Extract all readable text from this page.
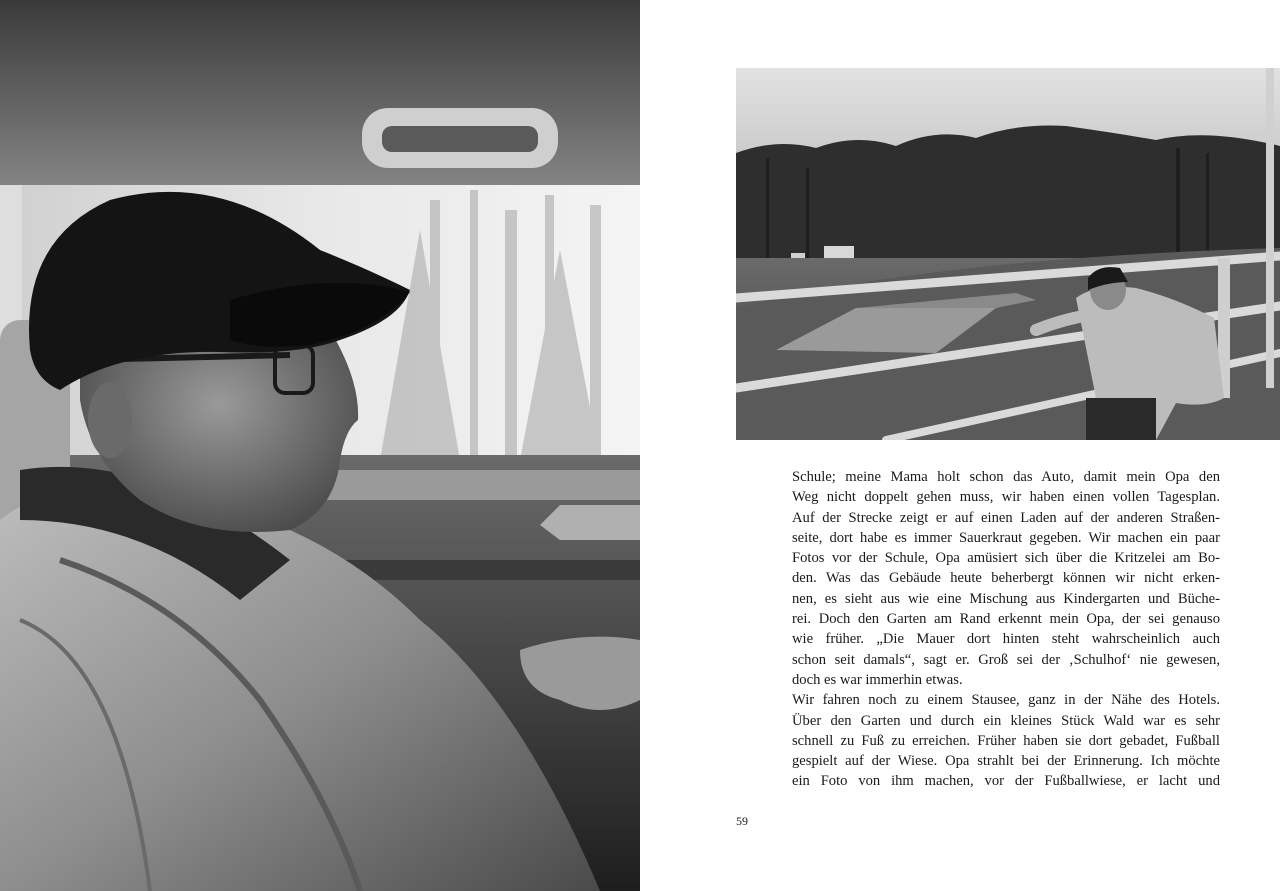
Schule; meine Mama holt schon das Auto, damit mein Opa den
Weg nicht doppelt gehen muss, wir haben einen vollen Tagesplan.
Auf der Strecke zeigt er auf einen Laden auf der anderen Straßen-
seite, dort habe es immer Sauerkraut gegeben. Wir machen ein paar
Fotos vor der Schule, Opa amüsiert sich über die Kritzelei am Bo-
den. Was das Gebäude heute beherbergt können wir nicht erken-
nen, es sieht aus wie eine Mischung aus Kindergarten und Büche-
rei. Doch den Garten am Rand erkennt mein Opa, der sei genauso
wie früher. „Die Mauer dort hinten steht wahrscheinlich auch
schon seit damals“, sagt er. Groß sei der ‚Schulhof‘ nie gewesen,
doch es war immerhin etwas.
Wir fahren noch zu einem Stausee, ganz in der Nähe des Hotels.
Über den Garten und durch ein kleines Stück Wald war es sehr
schnell zu Fuß zu erreichen. Früher haben sie dort gebadet, Fußball
gespielt auf der Wiese. Opa strahlt bei der Erinnerung. Ich möchte
ein Foto von ihm machen, vor der Fußballwiese, er lacht und
59
